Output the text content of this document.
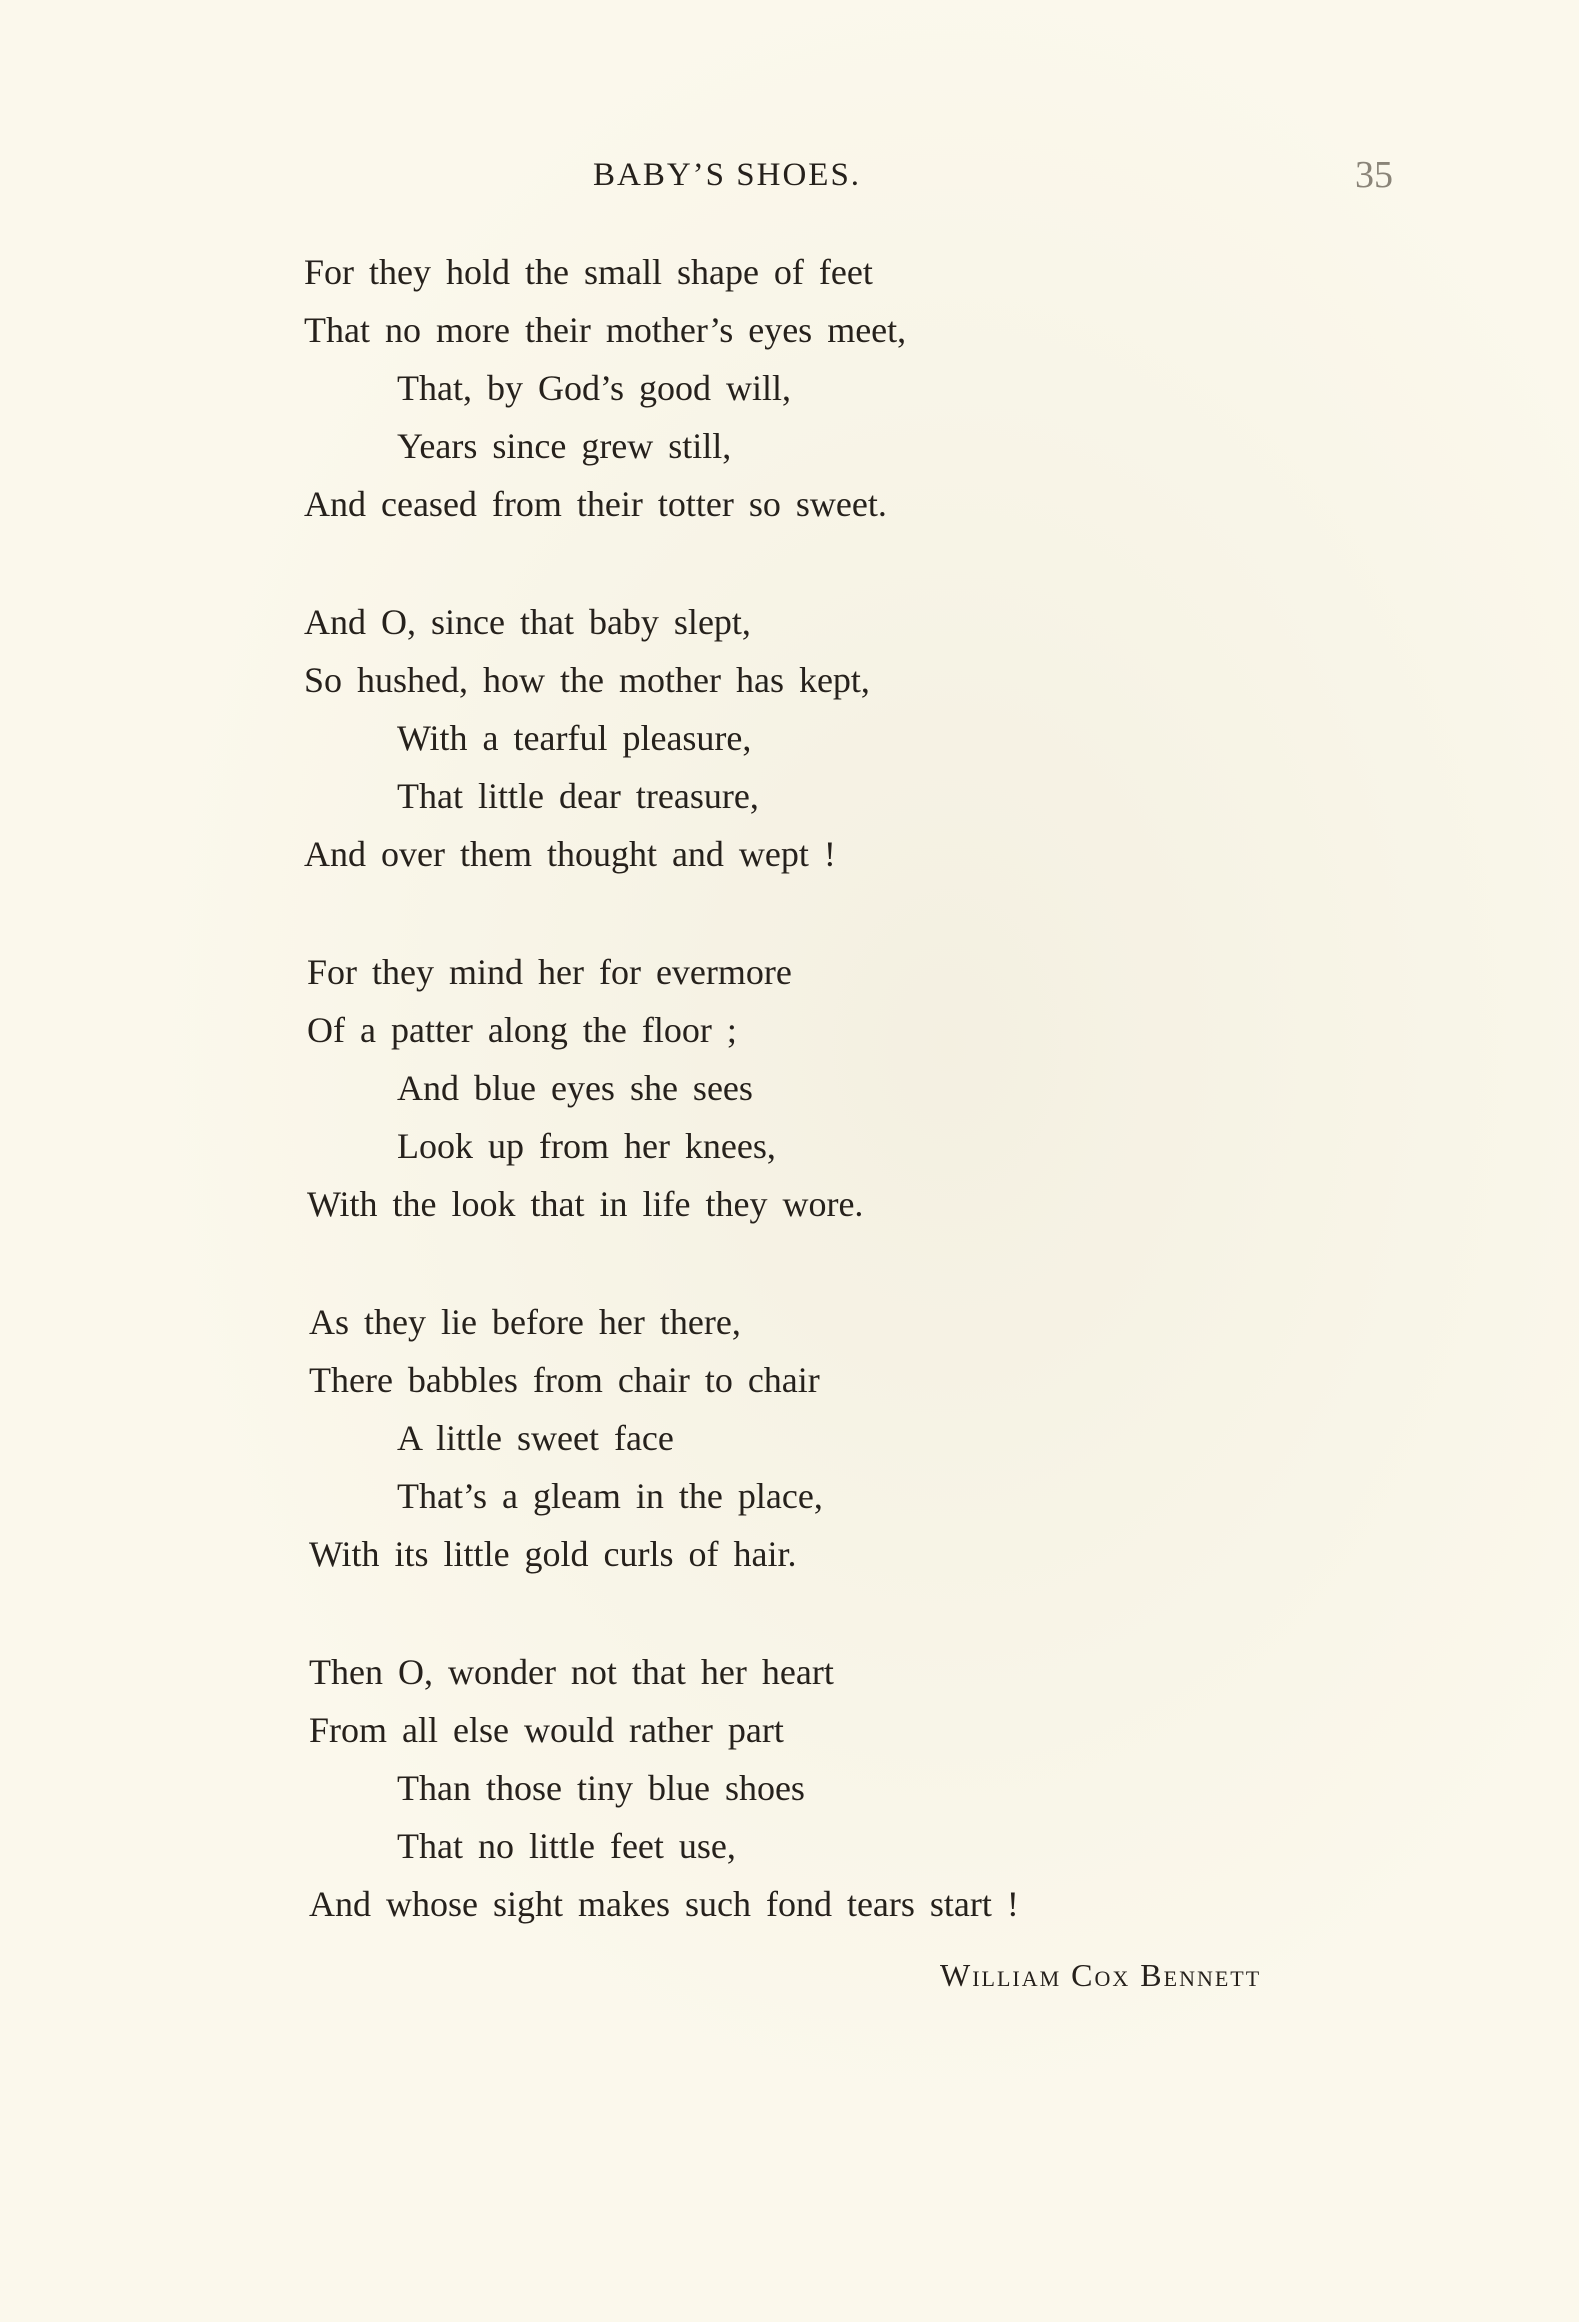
BABY’S SHOES.	35
For they hold the small shape of feet
That no more their mother’s eyes meet,
That, by God’s good will,
Years since grew still,
And ceased from their totter so sweet.
And O, since that baby slept,
So hushed, how the mother has kept,
With a tearful pleasure,
That little dear treasure,
And over them thought and wept !
For they mind her for evermore
Of a patter along the floor ;
And blue eyes she sees
Look up from her knees,
With the look that in life they wore.
As they lie before her there,
There babbles from chair to chair
A little sweet face
That’s a gleam in the place,
With its little gold curls of hair.
Then O, wonder not that her heart
From all else would rather part
Than those tiny blue shoes
That no little feet use,
And whose sight makes such fond tears start !
William Cox Bennett
